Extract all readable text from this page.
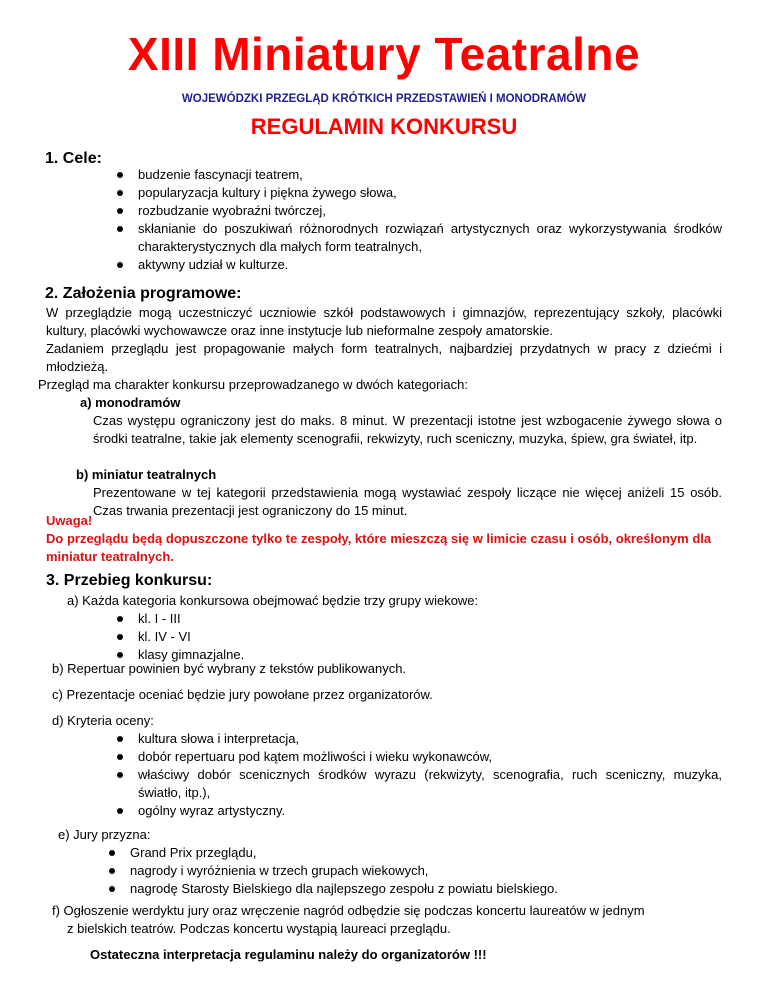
XIII Miniatury Teatralne
WOJEWÓDZKI PRZEGLĄD KRÓTKICH PRZEDSTAWIEŃ I MONODRAMÓW
REGULAMIN KONKURSU
1. Cele:
budzenie fascynacji teatrem,
popularyzacja kultury i piękna żywego słowa,
rozbudzanie wyobraźni twórczej,
skłanianie do poszukiwań różnorodnych rozwiązań artystycznych oraz wykorzystywania środków charakterystycznych dla małych form teatralnych,
aktywny udział w kulturze.
2. Założenia programowe:
W przeglądzie mogą uczestniczyć uczniowie szkół podstawowych i gimnazjów, reprezentujący szkoły, placówki kultury, placówki wychowawcze oraz inne instytucje lub nieformalne zespoły amatorskie.
Zadaniem przeglądu jest propagowanie małych form teatralnych, najbardziej przydatnych w pracy z dziećmi i młodzieżą.
Przegląd ma charakter konkursu przeprowadzanego w dwóch kategoriach:
a) monodramów
Czas występu ograniczony jest do maks. 8 minut. W prezentacji istotne jest wzbogacenie żywego słowa o środki teatralne, takie jak elementy scenografii, rekwizyty, ruch sceniczny, muzyka, śpiew, gra świateł, itp.
b) miniatur teatralnych
Prezentowane w tej kategorii przedstawienia mogą wystawiać zespoły liczące nie więcej aniżeli 15 osób. Czas trwania prezentacji jest ograniczony do 15 minut.
Uwaga!
Do przeglądu będą dopuszczone tylko te zespoły, które mieszczą się w limicie czasu i osób, określonym dla miniatur teatralnych.
3. Przebieg konkursu:
a) Każda kategoria konkursowa obejmować będzie trzy grupy wiekowe:
kl. I - III
kl. IV - VI
klasy gimnazjalne.
b) Repertuar powinien być wybrany z tekstów publikowanych.
c) Prezentacje oceniać będzie jury powołane przez organizatorów.
d) Kryteria oceny:
kultura słowa i interpretacja,
dobór repertuaru pod kątem możliwości i wieku wykonawców,
właściwy dobór scenicznych środków wyrazu (rekwizyty, scenografia, ruch sceniczny, muzyka, światło, itp.),
ogólny wyraz artystyczny.
e) Jury przyzna:
Grand Prix przeglądu,
nagrody i wyróżnienia w trzech grupach wiekowych,
nagrodę Starosty Bielskiego dla najlepszego zespołu z powiatu bielskiego.
f) Ogłoszenie werdyktu jury oraz wręczenie nagród odbędzie się podczas koncertu laureatów w jednym
z bielskich teatrów. Podczas koncertu wystąpią laureaci przeglądu.
Ostateczna interpretacja regulaminu należy do organizatorów !!!
